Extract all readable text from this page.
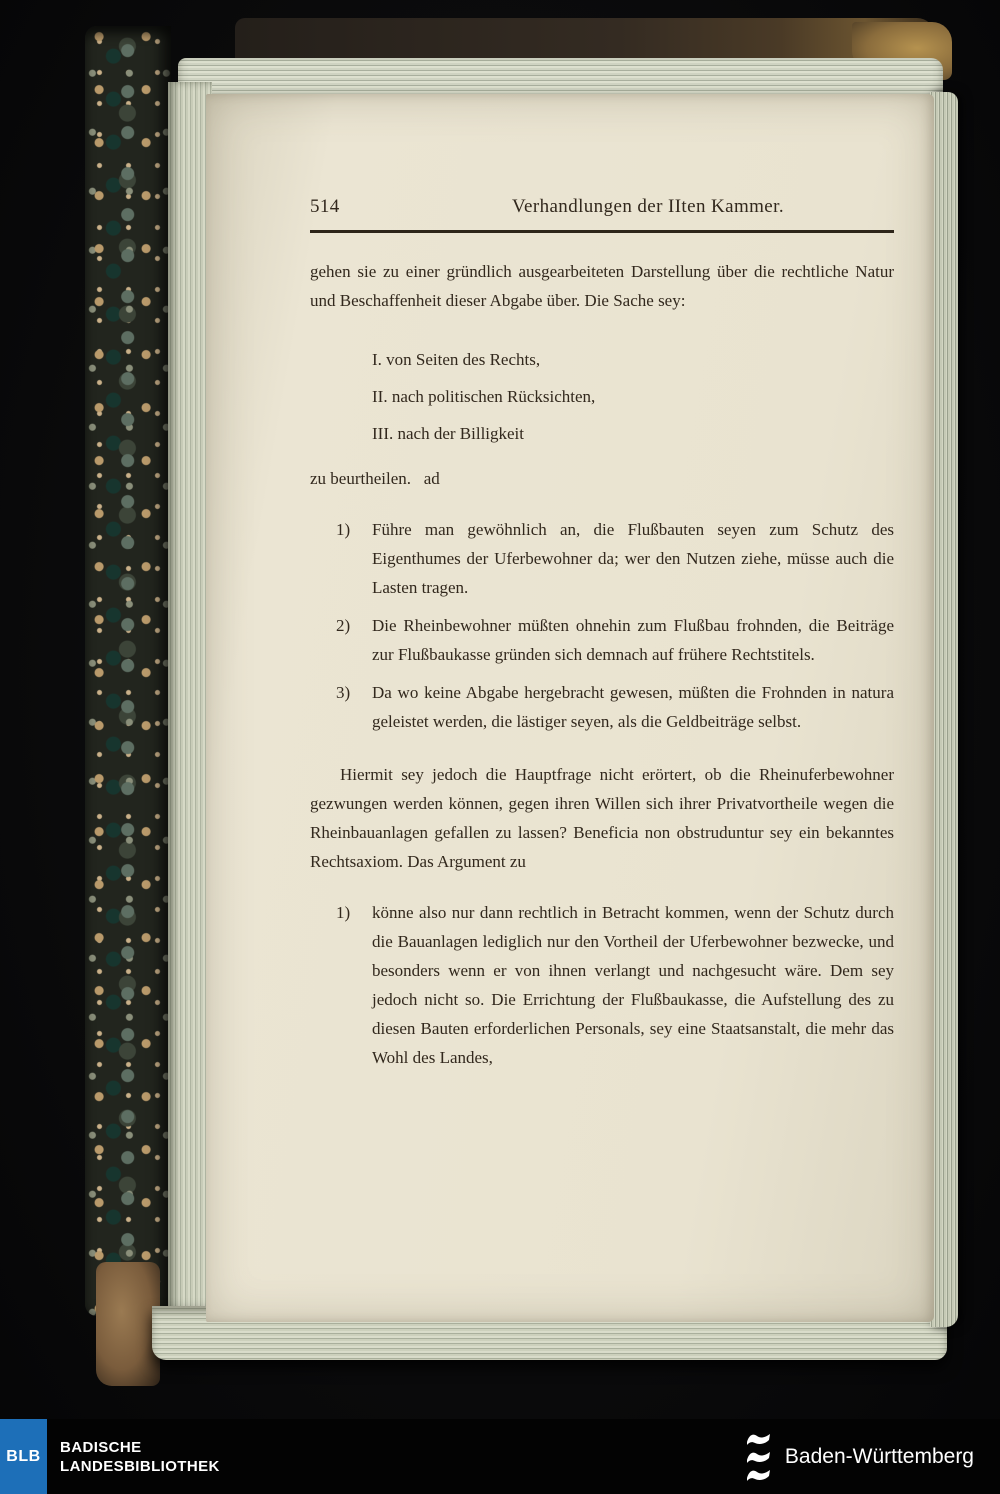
514	Verhandlungen der IIten Kammer.

gehen sie zu einer gründlich ausgearbeiteten Darstellung über die rechtliche Natur und Beschaffenheit dieser Abgabe über. Die Sache sey:

I. von Seiten des Rechts,
II. nach politischen Rücksichten,
III. nach der Billigkeit
zu beurtheilen.   ad
1)	Führe man gewöhnlich an, die Flußbauten seyen zum Schutz des Eigenthumes der Uferbewohner da; wer den Nutzen ziehe, müsse auch die Lasten tragen.
2)	Die Rheinbewohner müßten ohnehin zum Flußbau frohnden, die Beiträge zur Flußbaukasse gründen sich demnach auf frühere Rechtstitels.
3)	Da wo keine Abgabe hergebracht gewesen, müßten die Frohnden in natura geleistet werden, die lästiger seyen, als die Geldbeiträge selbst.

Hiermit sey jedoch die Hauptfrage nicht erörtert, ob die Rheinuferbewohner gezwungen werden können, gegen ihren Willen sich ihrer Privatvortheile wegen die Rheinbauanlagen gefallen zu lassen? Beneficia non obstruduntur sey ein bekanntes Rechtsaxiom. Das Argument zu

1)	könne also nur dann rechtlich in Betracht kommen, wenn der Schutz durch die Bauanlagen lediglich nur den Vortheil der Uferbewohner bezwecke, und besonders wenn er von ihnen verlangt und nachgesucht wäre. Dem sey jedoch nicht so. Die Errichtung der Flußbaukasse, die Aufstellung des zu diesen Bauten erforderlichen Personals, sey eine Staatsanstalt, die mehr das Wohl des Landes,
BLB
BADISCHE
LANDESBIBLIOTHEK	Baden-Württemberg
